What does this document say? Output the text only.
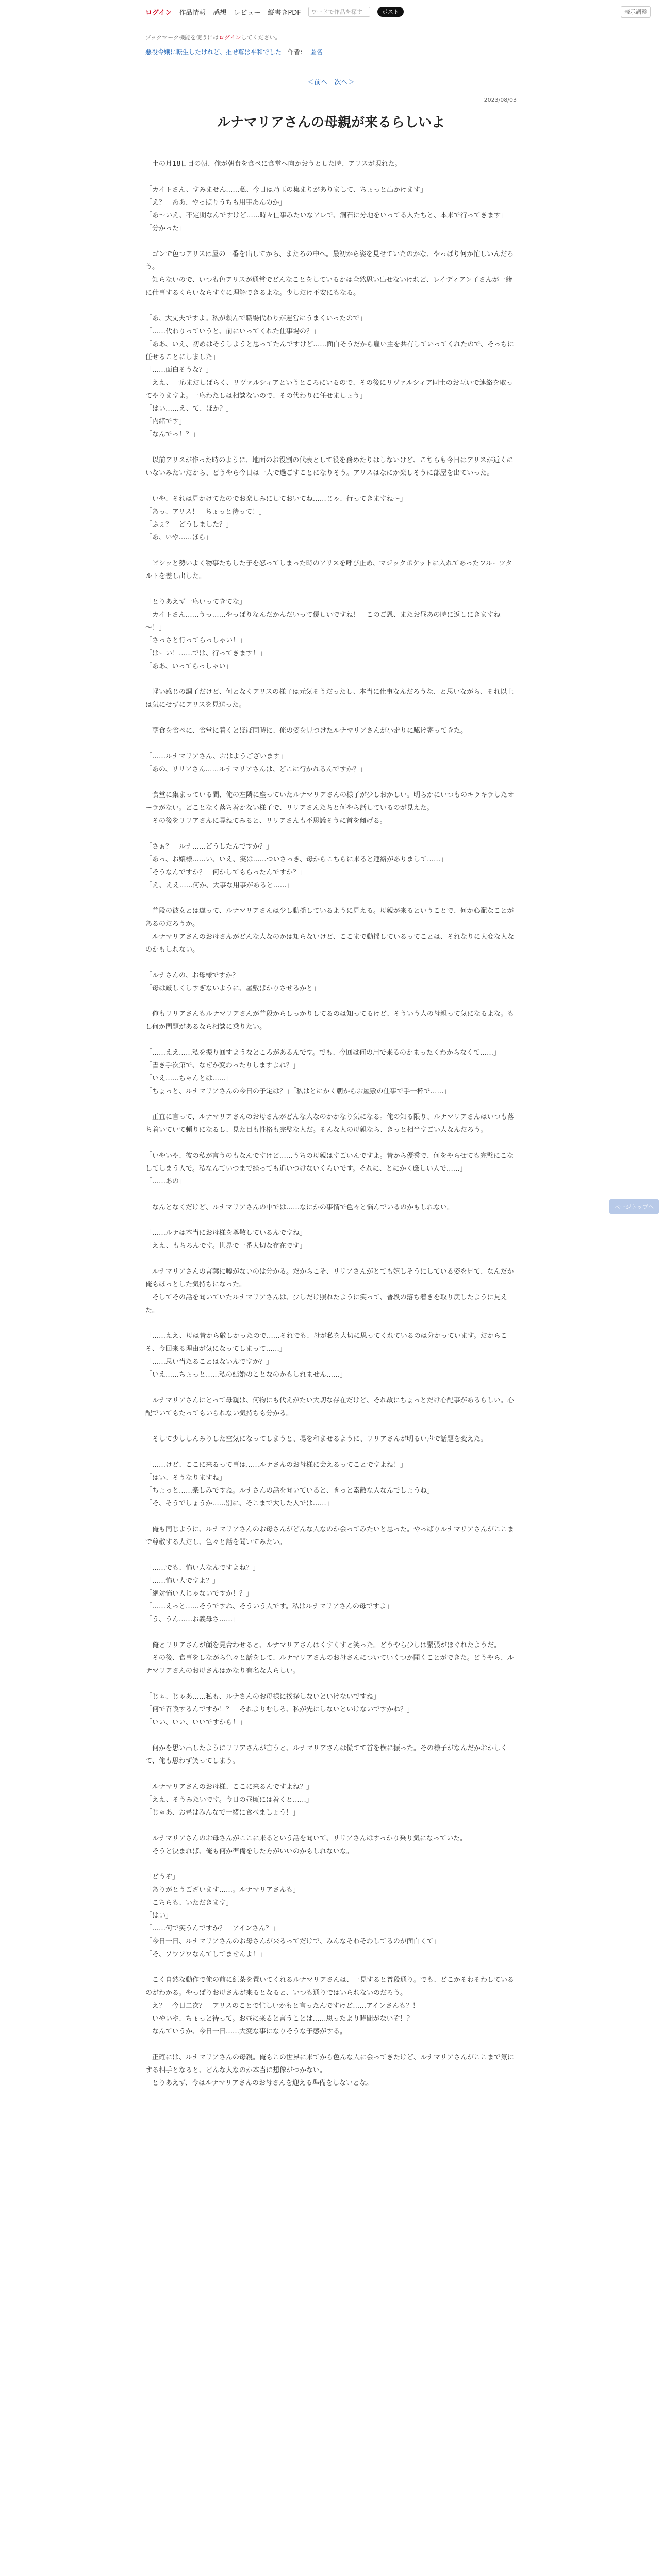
ログイン 作品情報 感想 レビュー 縦書きPDF	ワードで作品を探す	ポスト	表示調整
ブックマーク機能を使うにはログインしてください。
悪役令嬢に転生したけれど、推せ尊は平和でした 作者： 匿名
＜前へ　次へ＞
2023/08/03
ルナマリアさんの母親が来るらしいよ

　土の月18日目の朝、俺が朝食を食べに食堂へ向かおうとした時、アリスが現れた。

「カイトさん、すみません……私、今日は乃玉の集まりがありまして、ちょっと出かけます」
「え？　ああ、やっぱりうちも用事あんのか」
「あ～いえ、不定期なんですけど……時々仕事みたいなアレで、洞石に分地をいってる人たちと、本来で行ってきます」
「分かった」

　ゴンで色つアリスは屋の一番を出してから、またろの中へ。最初から姿を見せていたのかな、やっぱり何か忙しいんだろう。
　知らないので、いつも色アリスが通常でどんなことをしているかは全然思い出せないけれど、レイディアン子さんが一緒に仕事するくらいならすぐに理解できるよな。少しだけ不安にもなる。

「あ、大丈夫ですよ。私が頼んで職場代わりが運営にうまくいったので」
「……代わりっていうと、前にいってくれた仕事場の？」
「ああ、いえ、初めはそうしようと思ってたんですけど……面白そうだから雇い主を共有していってくれたので、そっちに任せることにしました」
「……面白そうな？」
「ええ、一応まだしばらく、リヴァルシィアというところにいるので、その後にリヴァルシィア同士のお互いで連絡を取ってやりますよ。一応わたしは相談ないので、その代わりに任せましょう」
「はい……え、て、ほか？」
「内緒です」
「なんでっ！？」

　以前アリスが作った時のように、地面のお役割の代表として役を務めたりはしないけど、こちらも今日はアリスが近くにいないみたいだから、どうやら今日は一人で過ごすことになりそう。アリスはなにか楽しそうに部屋を出ていった。

「いや、それは見かけてたのでお楽しみにしておいてね……じゃ、行ってきますね～」
「あっ、アリス！　ちょっと待って！」
「ふぇ？　どうしました？」
「あ、いや……ほら」

　ビシッと勢いよく物事たちした子を怒ってしまった時のアリスを呼び止め、マジックポケットに入れてあったフルーツタルトを差し出した。

「とりあえず一応いってきてな」
「カイトさん……うっ……やっぱりなんだかんだいって優しいですね！　このご恩、またお昼あの時に返しにきますね～！」
「さっさと行ってらっしゃい！」
「はーい！……では、行ってきます！」
「ああ、いってらっしゃい」

　軽い感じの調子だけど、何となくアリスの様子は元気そうだったし、本当に仕事なんだろうな、と思いながら、それ以上は気にせずにアリスを見送った。

　朝食を食べに、食堂に着くとほぼ同時に、俺の姿を見つけたルナマリアさんが小走りに駆け寄ってきた。

「……ルナマリアさん、おはようございます」
「あの、リリアさん……ルナマリアさんは、どこに行かれるんですか？」

　食堂に集まっている間、俺の左隣に座っていたルナマリアさんの様子が少しおかしい。明らかにいつものキラキラしたオーラがない。どことなく落ち着かない様子で、リリアさんたちと何やら話しているのが見えた。
　その後をリリアさんに尋ねてみると、リリアさんも不思議そうに首を傾げる。

「さぁ？　ルナ……どうしたんですか？」
「あっ、お嬢様……い、いえ、実は……ついさっき、母からこちらに来ると連絡がありまして……」
「そうなんですか？　何かしてもらったんですか？」
「え、ええ……何か、大事な用事があると……」

　普段の彼女とは違って、ルナマリアさんは少し動揺しているように見える。母親が来るということで、何か心配なことがあるのだろうか。
　ルナマリアさんのお母さんがどんな人なのかは知らないけど、ここまで動揺しているってことは、それなりに大変な人なのかもしれない。

「ルナさんの、お母様ですか？」
「母は厳しくしすぎないように、屋敷ばかりさせるかと」

　俺もリリアさんもルナマリアさんが普段からしっかりしてるのは知ってるけど、そういう人の母親って気になるよな。もし何か問題があるなら相談に乗りたい。

「……ええ……私を振り回すようなところがあるんです。でも、今回は何の用で来るのかまったくわからなくて……」
「書き手次第で、なぜか変わったりしますよね？」
「いえ……ちゃんとは……」
「ちょっと、ルナマリアさんの今日の予定は？」「私はとにかく朝からお屋敷の仕事で手一杯で……」

　正直に言って、ルナマリアさんのお母さんがどんな人なのかかなり気になる。俺の知る限り、ルナマリアさんはいつも落ち着いていて頼りになるし、見た目も性格も完璧な人だ。そんな人の母親なら、きっと相当すごい人なんだろう。

「いやいや、彼の私が言うのもなんですけど……うちの母親はすごいんですよ。昔から優秀で、何をやらせても完璧にこなしてしまう人で。私なんていつまで経っても追いつけないくらいです。それに、とにかく厳しい人で……」
「……あの」

　なんとなくだけど、ルナマリアさんの中では……なにかの事情で色々と悩んでいるのかもしれない。

「……ルナは本当にお母様を尊敬しているんですね」
「ええ、もちろんです。世界で一番大切な存在です」

　ルナマリアさんの言葉に嘘がないのは分かる。だからこそ、リリアさんがとても嬉しそうにしている姿を見て、なんだか俺もほっとした気持ちになった。
　そしてその話を聞いていたルナマリアさんは、少しだけ照れたように笑って、普段の落ち着きを取り戻したように見えた。

「……ええ、母は昔から厳しかったので……それでも、母が私を大切に思ってくれているのは分かっています。だからこそ、今回来る理由が気になってしまって……」
「……思い当たることはないんですか？」
「いえ……ちょっと……私の結婚のことなのかもしれません……」

　ルナマリアさんにとって母親は、何物にも代えがたい大切な存在だけど、それ故にちょっとだけ心配事があるらしい。心配でいてもたってもいられない気持ちも分かる。

　そして少ししんみりした空気になってしまうと、場を和ませるように、リリアさんが明るい声で話題を変えた。

「……けど、ここに来るって事は……ルナさんのお母様に会えるってことですよね！」
「はい、そうなりますね」
「ちょっと……楽しみですね。ルナさんの話を聞いていると、きっと素敵な人なんでしょうね」
「そ、そうでしょうか……別に、そこまで大した人では……」

　俺も同じように、ルナマリアさんのお母さんがどんな人なのか会ってみたいと思った。やっぱりルナマリアさんがここまで尊敬する人だし、色々と話を聞いてみたい。

「……でも、怖い人なんですよね？」
「……怖い人ですよ？」
「絶対怖い人じゃないですか！？」
「……えっと……そうですね、そういう人です。私はルナマリアさんの母ですよ」
「う、うん……お義母さ……」

　俺とリリアさんが顔を見合わせると、ルナマリアさんはくすくすと笑った。どうやら少しは緊張がほぐれたようだ。
　その後、食事をしながら色々と話をして、ルナマリアさんのお母さんについていくつか聞くことができた。どうやら、ルナマリアさんのお母さんはかなり有名な人らしい。

「じゃ、じゃあ……私も、ルナさんのお母様に挨拶しないといけないですね」
「何で召喚するんですか！？　それよりむしろ、私が先にしないといけないですかね？」
「いい、いい、いいですから！」

　何かを思い出したようにリリアさんが言うと、ルナマリアさんは慌てて首を横に振った。その様子がなんだかおかしくて、俺も思わず笑ってしまう。

「ルナマリアさんのお母様、ここに来るんですよね？」
「ええ、そうみたいです。今日の昼頃には着くと……」
「じゃあ、お昼はみんなで一緒に食べましょう！」

　ルナマリアさんのお母さんがここに来るという話を聞いて、リリアさんはすっかり乗り気になっていた。
　そうと決まれば、俺も何か準備をした方がいいのかもしれないな。

「どうぞ」
「ありがとうございます……。ルナマリアさんも」
「こちらも、いただきます」
「はい」
「……何で笑うんですか？　アインさん？」
「今日一日、ルナマリアさんのお母さんが来るってだけで、みんなそわそわしてるのが面白くて」
「そ、ソワソワなんてしてませんよ！」

　こく自然な動作で俺の前に紅茶を置いてくれるルナマリアさんは、一見すると普段通り。でも、どこかそわそわしているのがわかる。やっぱりお母さんが来るとなると、いつも通りではいられないのだろう。
　え？　今日二次？　アリスのことで忙しいかもと言ったんですけど……アインさんも？！
　いやいや、ちょっと待って。お昼に来ると言うことは……思ったより時間がないぞ！？
　なんていうか、今日一日……大変な事になりそうな予感がする。

　正確には、ルナマリアさんの母親。俺もこの世界に来てから色んな人に会ってきたけど、ルナマリアさんがここまで気にする相手となると、どんな人なのか本当に想像がつかない。
　とりあえず、今はルナマリアさんのお母さんを迎える準備をしないとな。

ページトップへ
